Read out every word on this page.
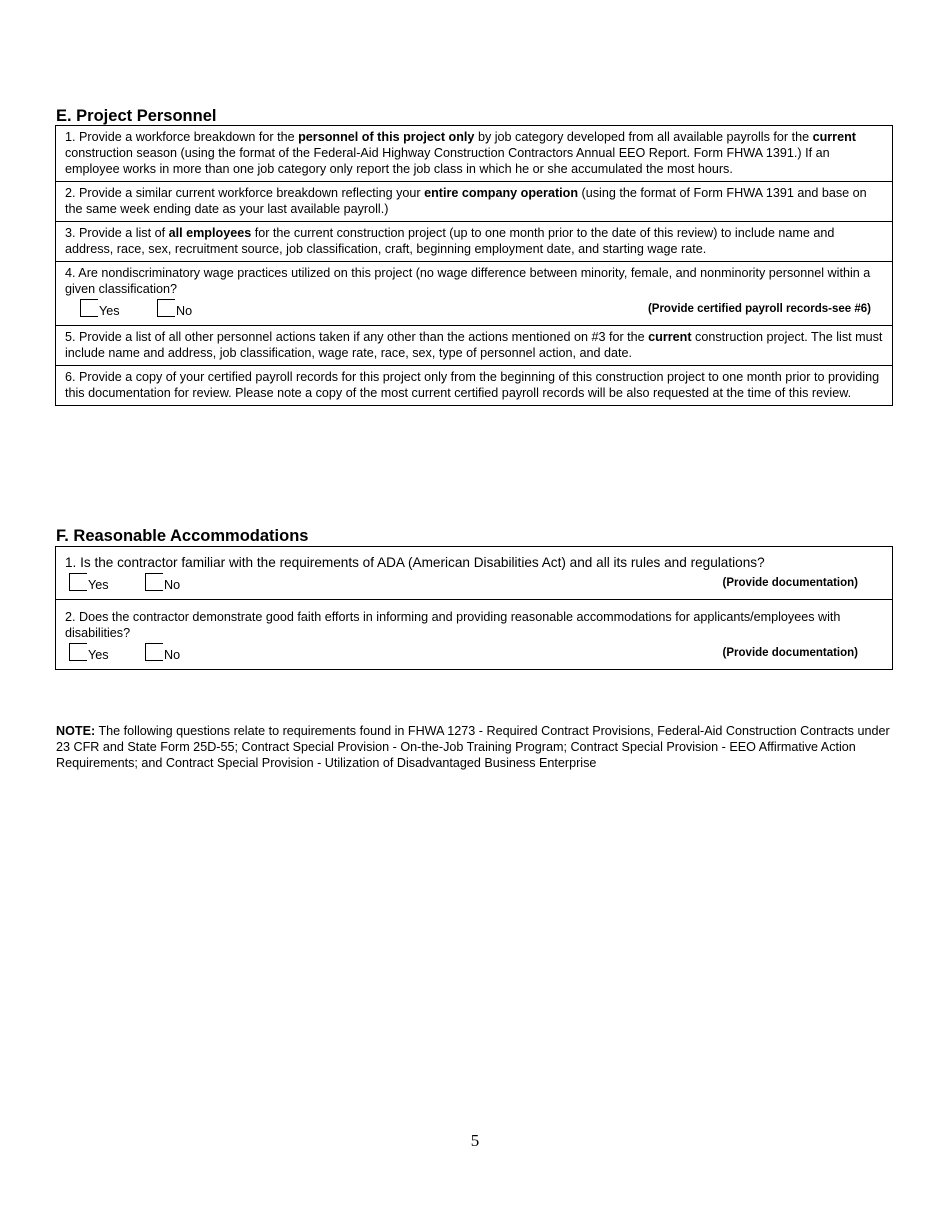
E. Project Personnel
1. Provide a workforce breakdown for the personnel of this project only by job category developed from all available payrolls for the current construction season (using the format of the Federal-Aid Highway Construction Contractors Annual EEO Report. Form FHWA 1391.) If an employee works in more than one job category only report the job class in which he or she accumulated the most hours.
2. Provide a similar current workforce breakdown reflecting your entire company operation (using the format of Form FHWA 1391 and base on the same week ending date as your last available payroll.)
3. Provide a list of all employees for the current construction project (up to one month prior to the date of this review) to include name and address, race, sex, recruitment source, job classification, craft, beginning employment date, and starting wage rate.
4. Are nondiscriminatory wage practices utilized on this project (no wage difference between minority, female, and nonminority personnel within a given classification?
Yes	No	(Provide certified payroll records-see #6)
5. Provide a list of all other personnel actions taken if any other than the actions mentioned on #3 for the current construction project. The list must include name and address, job classification, wage rate, race, sex, type of personnel action, and date.
6. Provide a copy of your certified payroll records for this project only from the beginning of this construction project to one month prior to providing this documentation for review. Please note a copy of the most current certified payroll records will be also requested at the time of this review.
F. Reasonable Accommodations
1. Is the contractor familiar with the requirements of ADA (American Disabilities Act) and all its rules and regulations?
Yes	No	(Provide documentation)
2. Does the contractor demonstrate good faith efforts in informing and providing reasonable accommodations for applicants/employees with disabilities?
Yes	No	(Provide documentation)

NOTE: The following questions relate to requirements found in FHWA 1273 - Required Contract Provisions, Federal-Aid Construction Contracts under 23 CFR and State Form 25D-55; Contract Special Provision - On-the-Job Training Program; Contract Special Provision - EEO Affirmative Action Requirements; and Contract Special Provision - Utilization of Disadvantaged Business Enterprise

5
